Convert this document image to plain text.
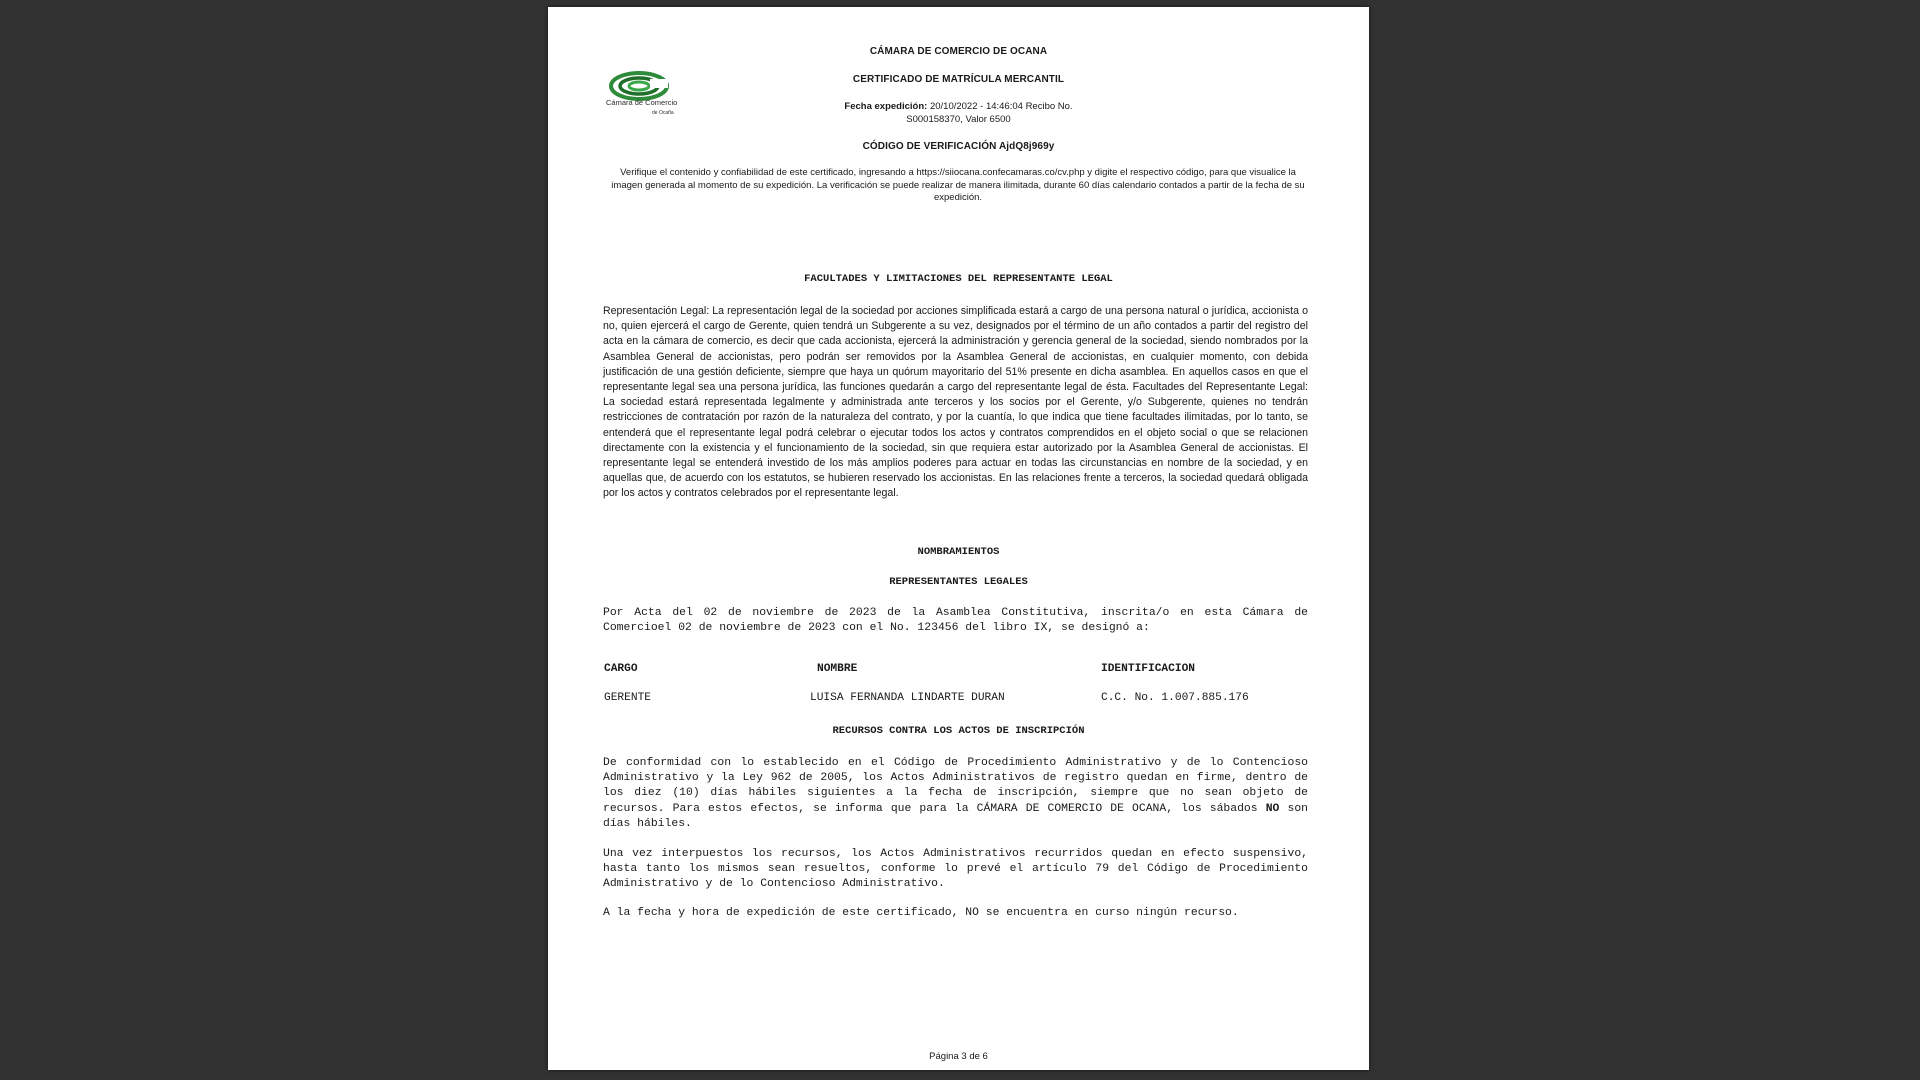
Cámara de Comercio
de Ocaña
CÁMARA DE COMERCIO DE OCANA
CERTIFICADO DE MATRÍCULA MERCANTIL
Fecha expedición: 20/10/2022 - 14:46:04 Recibo No.
S000158370, Valor 6500
CÓDIGO DE VERIFICACIÓN AjdQ8j969y
Verifique el contenido y confiabilidad de este certificado, ingresando a https://siiocana.confecamaras.co/cv.php y digite el respectivo código, para que visualice la imagen generada al momento de su expedición. La verificación se puede realizar de manera ilimitada, durante 60 días calendario contados a partir de la fecha de su expedición.
FACULTADES Y LIMITACIONES DEL REPRESENTANTE LEGAL
Representación Legal: La representación legal de la sociedad por acciones simplificada estará a cargo de una persona natural o jurídica, accionista o no, quien ejercerá el cargo de Gerente, quien tendrá un Subgerente a su vez, designados por el término de un año contados a partir del registro del acta en la cámara de comercio, es decir que cada accionista, ejercerá la administración y gerencia general de la sociedad, siendo nombrados por la Asamblea General de accionistas, pero podrán ser removidos por la Asamblea General de accionistas, en cualquier momento, con debida justificación de una gestión deficiente, siempre que haya un quórum mayoritario del 51% presente en dicha asamblea. En aquellos casos en que el representante legal sea una persona jurídica, las funciones quedarán a cargo del representante legal de ésta. Facultades del Representante Legal: La sociedad estará representada legalmente y administrada ante terceros y los socios por el Gerente, y/o Subgerente, quienes no tendrán restricciones de contratación por razón de la naturaleza del contrato, y por la cuantía, lo que indica que tiene facultades ilimitadas, por lo tanto, se entenderá que el representante legal podrá celebrar o ejecutar todos los actos y contratos comprendidos en el objeto social o que se relacionen directamente con la existencia y el funcionamiento de la sociedad, sin que requiera estar autorizado por la Asamblea General de accionistas. El representante legal se entenderá investido de los más amplios poderes para actuar en todas las circunstancias en nombre de la sociedad, y en aquellas que, de acuerdo con los estatutos, se hubieren reservado los accionistas. En las relaciones frente a terceros, la sociedad quedará obligada por los actos y contratos celebrados por el representante legal.
NOMBRAMIENTOS
REPRESENTANTES LEGALES
Por Acta del 02 de noviembre de 2023 de la Asamblea Constitutiva, inscrita/o en esta Cámara de Comercioel 02 de noviembre de 2023 con el No. 123456 del libro IX, se designó a:
CARGO	NOMBRE	IDENTIFICACION
GERENTE	LUISA FERNANDA LINDARTE DURAN	C.C. No. 1.007.885.176
RECURSOS CONTRA LOS ACTOS DE INSCRIPCIÓN
De conformidad con lo establecido en el Código de Procedimiento Administrativo y de lo Contencioso Administrativo y la Ley 962 de 2005, los Actos Administrativos de registro quedan en firme, dentro de los diez (10) días hábiles siguientes a la fecha de inscripción, siempre que no sean objeto de recursos. Para estos efectos, se informa que para la CÁMARA DE COMERCIO DE OCANA, los sábados NO son días hábiles.
Una vez interpuestos los recursos, los Actos Administrativos recurridos quedan en efecto suspensivo, hasta tanto los mismos sean resueltos, conforme lo prevé el artículo 79 del Código de Procedimiento Administrativo y de lo Contencioso Administrativo.
A la fecha y hora de expedición de este certificado, NO se encuentra en curso ningún recurso.
Página 3 de 6
